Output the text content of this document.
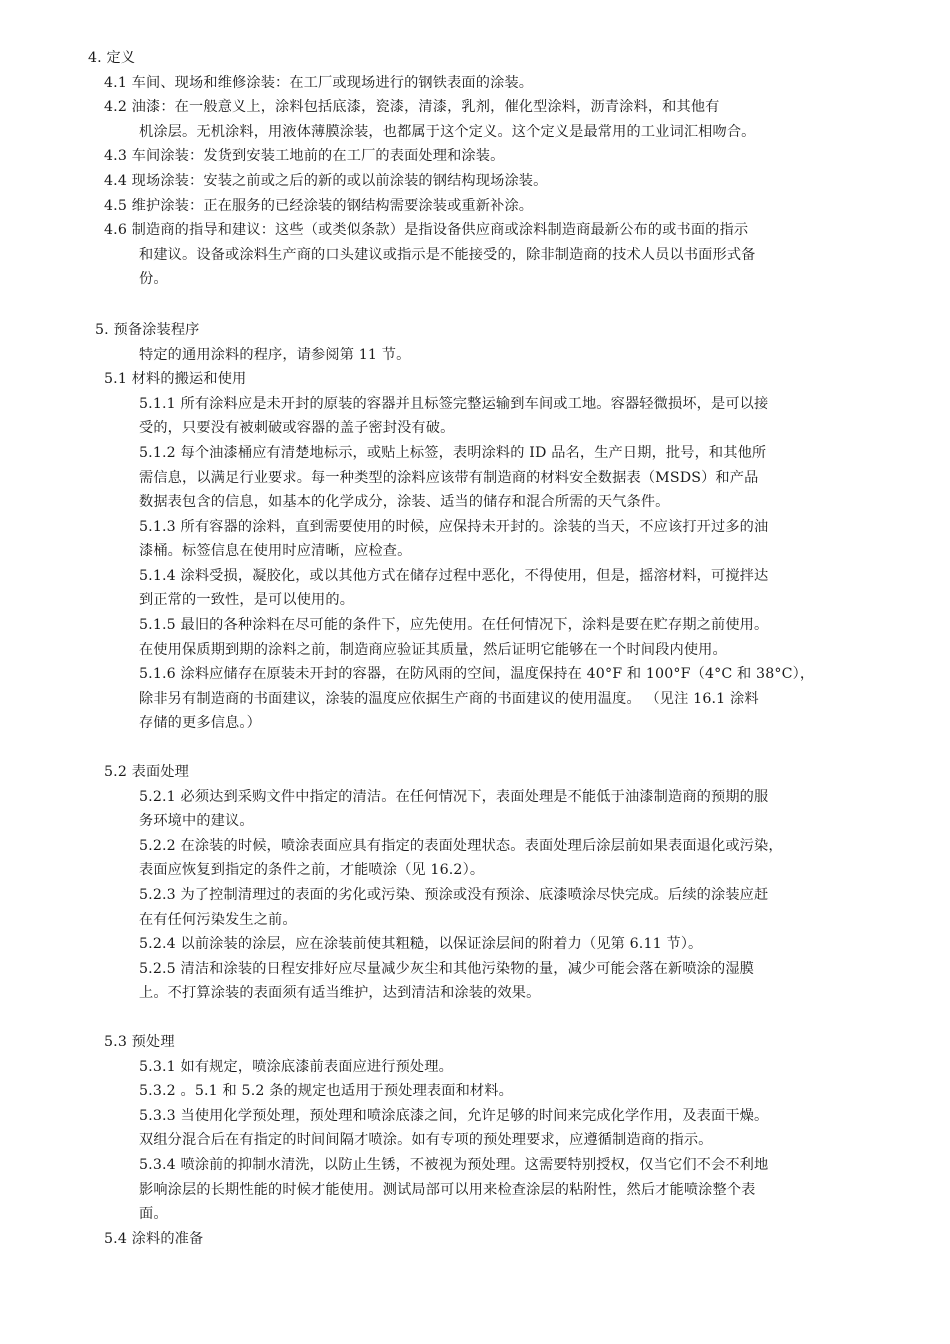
4. 定义
4.1 车间、现场和维修涂装：在工厂或现场进行的钢铁表面的涂装。
4.2 油漆：在一般意义上，涂料包括底漆，瓷漆，清漆，乳剂，催化型涂料，沥青涂料，和其他有
机涂层。无机涂料，用液体薄膜涂装，也都属于这个定义。这个定义是最常用的工业词汇相吻合。
4.3 车间涂装：发货到安装工地前的在工厂的表面处理和涂装。
4.4 现场涂装：安装之前或之后的新的或以前涂装的钢结构现场涂装。
4.5 维护涂装：正在服务的已经涂装的钢结构需要涂装或重新补涂。
4.6 制造商的指导和建议：这些（或类似条款）是指设备供应商或涂料制造商最新公布的或书面的指示
和建议。设备或涂料生产商的口头建议或指示是不能接受的，除非制造商的技术人员以书面形式备
份。
5. 预备涂装程序
特定的通用涂料的程序，请参阅第 11 节。
5.1 材料的搬运和使用
5.1.1 所有涂料应是未开封的原装的容器并且标签完整运输到车间或工地。容器轻微损坏，是可以接
受的，只要没有被刺破或容器的盖子密封没有破。
5.1.2 每个油漆桶应有清楚地标示，或贴上标签，表明涂料的 ID 品名，生产日期，批号，和其他所
需信息，以满足行业要求。每一种类型的涂料应该带有制造商的材料安全数据表（MSDS）和产品
数据表包含的信息，如基本的化学成分，涂装、适当的储存和混合所需的天气条件。
5.1.3 所有容器的涂料，直到需要使用的时候，应保持未开封的。涂装的当天，不应该打开过多的油
漆桶。标签信息在使用时应清晰，应检查。
5.1.4 涂料受损，凝胶化，或以其他方式在储存过程中恶化，不得使用，但是，摇溶材料，可搅拌达
到正常的一致性，是可以使用的。
5.1.5 最旧的各种涂料在尽可能的条件下，应先使用。在任何情况下，涂料是要在贮存期之前使用。
在使用保质期到期的涂料之前，制造商应验证其质量，然后证明它能够在一个时间段内使用。
5.1.6 涂料应储存在原装未开封的容器，在防风雨的空间，温度保持在 40°F 和 100°F（4°C 和 38°C），
除非另有制造商的书面建议，涂装的温度应依据生产商的书面建议的使用温度。 （见注 16.1 涂料
存储的更多信息。）
5.2 表面处理
5.2.1 必须达到采购文件中指定的清洁。在任何情况下，表面处理是不能低于油漆制造商的预期的服
务环境中的建议。
5.2.2 在涂装的时候，喷涂表面应具有指定的表面处理状态。表面处理后涂层前如果表面退化或污染，
表面应恢复到指定的条件之前，才能喷涂（见 16.2）。
5.2.3 为了控制清理过的表面的劣化或污染、预涂或没有预涂、底漆喷涂尽快完成。后续的涂装应赶
在有任何污染发生之前。
5.2.4 以前涂装的涂层，应在涂装前使其粗糙，以保证涂层间的附着力（见第 6.11 节）。
5.2.5 清洁和涂装的日程安排好应尽量减少灰尘和其他污染物的量，减少可能会落在新喷涂的湿膜
上。不打算涂装的表面须有适当维护，达到清洁和涂装的效果。
5.3 预处理
5.3.1 如有规定，喷涂底漆前表面应进行预处理。
5.3.2 。5.1 和 5.2 条的规定也适用于预处理表面和材料。
5.3.3 当使用化学预处理，预处理和喷涂底漆之间，允许足够的时间来完成化学作用，及表面干燥。
双组分混合后在有指定的时间间隔才喷涂。如有专项的预处理要求，应遵循制造商的指示。
5.3.4 喷涂前的抑制水清洗，以防止生锈，不被视为预处理。这需要特别授权，仅当它们不会不利地
影响涂层的长期性能的时候才能使用。测试局部可以用来检查涂层的粘附性，然后才能喷涂整个表
面。
5.4 涂料的准备
